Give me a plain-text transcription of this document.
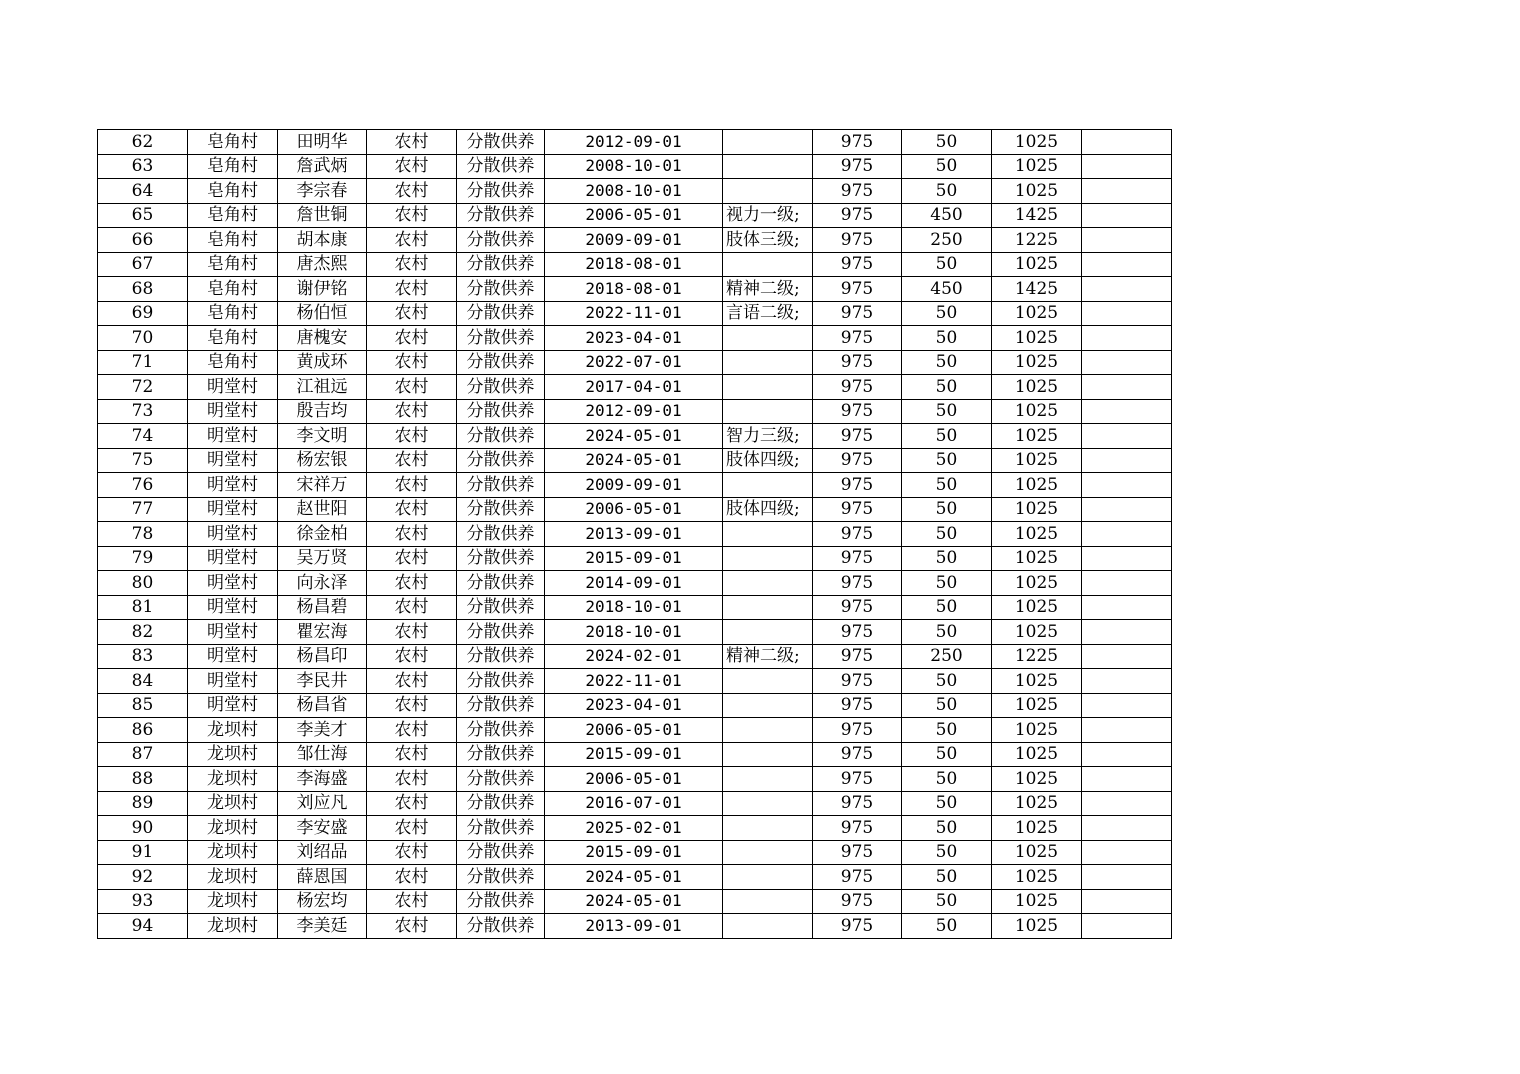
62	皂角村	田明华	农村	分散供养	2012-09-01		975	50	1025	
63	皂角村	詹武炳	农村	分散供养	2008-10-01		975	50	1025	
64	皂角村	李宗春	农村	分散供养	2008-10-01		975	50	1025	
65	皂角村	詹世铜	农村	分散供养	2006-05-01	视力一级;	975	450	1425	
66	皂角村	胡本康	农村	分散供养	2009-09-01	肢体三级;	975	250	1225	
67	皂角村	唐杰熙	农村	分散供养	2018-08-01		975	50	1025	
68	皂角村	谢伊铭	农村	分散供养	2018-08-01	精神二级;	975	450	1425	
69	皂角村	杨伯恒	农村	分散供养	2022-11-01	言语二级;	975	50	1025	
70	皂角村	唐槐安	农村	分散供养	2023-04-01		975	50	1025	
71	皂角村	黄成环	农村	分散供养	2022-07-01		975	50	1025	
72	明堂村	江祖远	农村	分散供养	2017-04-01		975	50	1025	
73	明堂村	殷吉均	农村	分散供养	2012-09-01		975	50	1025	
74	明堂村	李文明	农村	分散供养	2024-05-01	智力三级;	975	50	1025	
75	明堂村	杨宏银	农村	分散供养	2024-05-01	肢体四级;	975	50	1025	
76	明堂村	宋祥万	农村	分散供养	2009-09-01		975	50	1025	
77	明堂村	赵世阳	农村	分散供养	2006-05-01	肢体四级;	975	50	1025	
78	明堂村	徐金柏	农村	分散供养	2013-09-01		975	50	1025	
79	明堂村	吴万贤	农村	分散供养	2015-09-01		975	50	1025	
80	明堂村	向永泽	农村	分散供养	2014-09-01		975	50	1025	
81	明堂村	杨昌碧	农村	分散供养	2018-10-01		975	50	1025	
82	明堂村	瞿宏海	农村	分散供养	2018-10-01		975	50	1025	
83	明堂村	杨昌印	农村	分散供养	2024-02-01	精神二级;	975	250	1225	
84	明堂村	李民井	农村	分散供养	2022-11-01		975	50	1025	
85	明堂村	杨昌省	农村	分散供养	2023-04-01		975	50	1025	
86	龙坝村	李美才	农村	分散供养	2006-05-01		975	50	1025	
87	龙坝村	邹仕海	农村	分散供养	2015-09-01		975	50	1025	
88	龙坝村	李海盛	农村	分散供养	2006-05-01		975	50	1025	
89	龙坝村	刘应凡	农村	分散供养	2016-07-01		975	50	1025	
90	龙坝村	李安盛	农村	分散供养	2025-02-01		975	50	1025	
91	龙坝村	刘绍品	农村	分散供养	2015-09-01		975	50	1025	
92	龙坝村	薛恩国	农村	分散供养	2024-05-01		975	50	1025	
93	龙坝村	杨宏均	农村	分散供养	2024-05-01		975	50	1025	
94	龙坝村	李美廷	农村	分散供养	2013-09-01		975	50	1025	
